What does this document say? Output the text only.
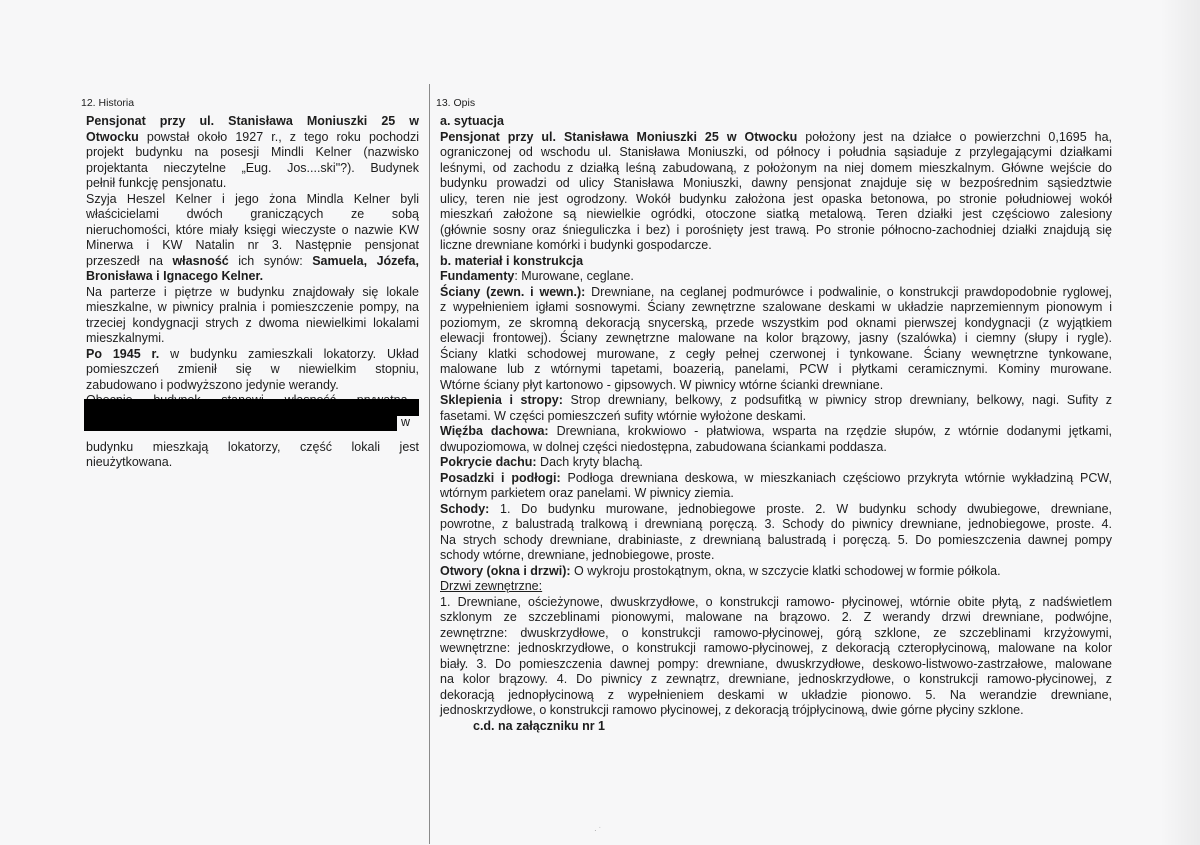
12. Historia	13. Opis

Pensjonat przy ul. Stanisława Moniuszki 25 w

Otwocku powstał około 1927 r., z tego roku pochodzi

projekt budynku na posesji Mindli Kelner (nazwisko

projektanta nieczytelne „Eug. Jos....ski"?). Budynek

pełnił funkcję pensjonatu.

Szyja Heszel Kelner i jego żona Mindla Kelner byli

właścicielami dwóch graniczących ze sobą

nieruchomości, które miały księgi wieczyste o nazwie KW

Minerwa i KW Natalin nr 3. Następnie pensjonat

przeszedł na własność ich synów: Samuela, Józefa,

Bronisława i Ignacego Kelner.

Na parterze i piętrze w budynku znajdowały się lokale

mieszkalne, w piwnicy pralnia i pomieszczenie pompy, na

trzeciej kondygnacji strych z dwoma niewielkimi lokalami

mieszkalnymi.

Po 1945 r. w budynku zamieszkali lokatorzy. Układ

pomieszczeń zmienił się w niewielkim stopniu,

zabudowano i podwyższono jedynie werandy.

budynku mieszkają lokatorzy, część lokali jest

nieużytkowana.

w

a. sytuacja

Pensjonat przy ul. Stanisława Moniuszki 25 w Otwocku położony jest na działce o powierzchni 0,1695 ha,

ograniczonej od wschodu ul. Stanisława Moniuszki, od północy i południa sąsiaduje z przylegającymi działkami

leśnymi, od zachodu z działką leśną zabudowaną, z położonym na niej domem mieszkalnym. Główne wejście do

budynku prowadzi od ulicy Stanisława Moniuszki, dawny pensjonat znajduje się w bezpośrednim sąsiedztwie

ulicy, teren nie jest ogrodzony. Wokół budynku założona jest opaska betonowa, po stronie południowej wokół

mieszkań założone są niewielkie ogródki, otoczone siatką metalową. Teren działki jest częściowo zalesiony

(głównie sosny oraz śnieguliczka i bez) i porośnięty jest trawą. Po stronie północno-zachodniej działki znajdują się

liczne drewniane komórki i budynki gospodarcze.

b. materiał i konstrukcja

Fundamenty: Murowane, ceglane.

Ściany (zewn. i wewn.): Drewniane, na ceglanej podmurówce i podwalinie, o konstrukcji prawdopodobnie ryglowej,

z wypełnieniem igłami sosnowymi. Ściany zewnętrzne szalowane deskami w układzie naprzemiennym pionowym i

poziomym, ze skromną dekoracją snycerską, przede wszystkim pod oknami pierwszej kondygnacji (z wyjątkiem

elewacji frontowej). Ściany zewnętrzne malowane na kolor brązowy, jasny (szalówka) i ciemny (słupy i rygle).

Ściany klatki schodowej murowane, z cegły pełnej czerwonej i tynkowane. Ściany wewnętrzne tynkowane,

malowane lub z wtórnymi tapetami, boazerią, panelami, PCW i płytkami ceramicznymi. Kominy murowane.

Wtórne ściany płyt kartonowo - gipsowych. W piwnicy wtórne ścianki drewniane.

Sklepienia i stropy: Strop drewniany, belkowy, z podsufitką w piwnicy strop drewniany, belkowy, nagi. Sufity z

fasetami. W części pomieszczeń sufity wtórnie wyłożone deskami.

Więźba dachowa: Drewniana, krokwiowo - płatwiowa, wsparta na rzędzie słupów, z wtórnie dodanymi jętkami,

dwupoziomowa, w dolnej części niedostępna, zabudowana ściankami poddasza.

Pokrycie dachu: Dach kryty blachą.

Posadzki i podłogi: Podłoga drewniana deskowa, w mieszkaniach częściowo przykryta wtórnie wykładziną PCW,

wtórnym parkietem oraz panelami. W piwnicy ziemia.

Schody: 1. Do budynku murowane, jednobiegowe proste. 2. W budynku schody dwubiegowe, drewniane,

powrotne, z balustradą tralkową i drewnianą poręczą. 3. Schody do piwnicy drewniane, jednobiegowe, proste. 4.

Na strych schody drewniane, drabiniaste, z drewnianą balustradą i poręczą. 5. Do pomieszczenia dawnej pompy

schody wtórne, drewniane, jednobiegowe, proste.

Otwory (okna i drzwi): O wykroju prostokątnym, okna, w szczycie klatki schodowej w formie półkola.

Drzwi zewnętrzne:

1. Drewniane, ościeżynowe, dwuskrzydłowe, o konstrukcji ramowo- płycinowej, wtórnie obite płytą, z nadświetlem

szklonym ze szczeblinami pionowymi, malowane na brązowo. 2. Z werandy drzwi drewniane, podwójne,

zewnętrzne: dwuskrzydłowe, o konstrukcji ramowo-płycinowej, górą szklone, ze szczeblinami krzyżowymi,

wewnętrzne: jednoskrzydłowe, o konstrukcji ramowo-płycinowej, z dekoracją czteropłycinową, malowane na kolor

biały. 3. Do pomieszczenia dawnej pompy: drewniane, dwuskrzydłowe, deskowo-listwowo-zastrzałowe, malowane

na kolor brązowy. 4. Do piwnicy z zewnątrz, drewniane, jednoskrzydłowe, o konstrukcji ramowo-płycinowej, z

dekoracją jednopłycinową z wypełnieniem deskami w układzie pionowo. 5. Na werandzie drewniane,

jednoskrzydłowe, o konstrukcji ramowo płycinowej, z dekoracją trójpłycinową, dwie górne płyciny szklone.

c.d. na załączniku nr 1

· ˙
